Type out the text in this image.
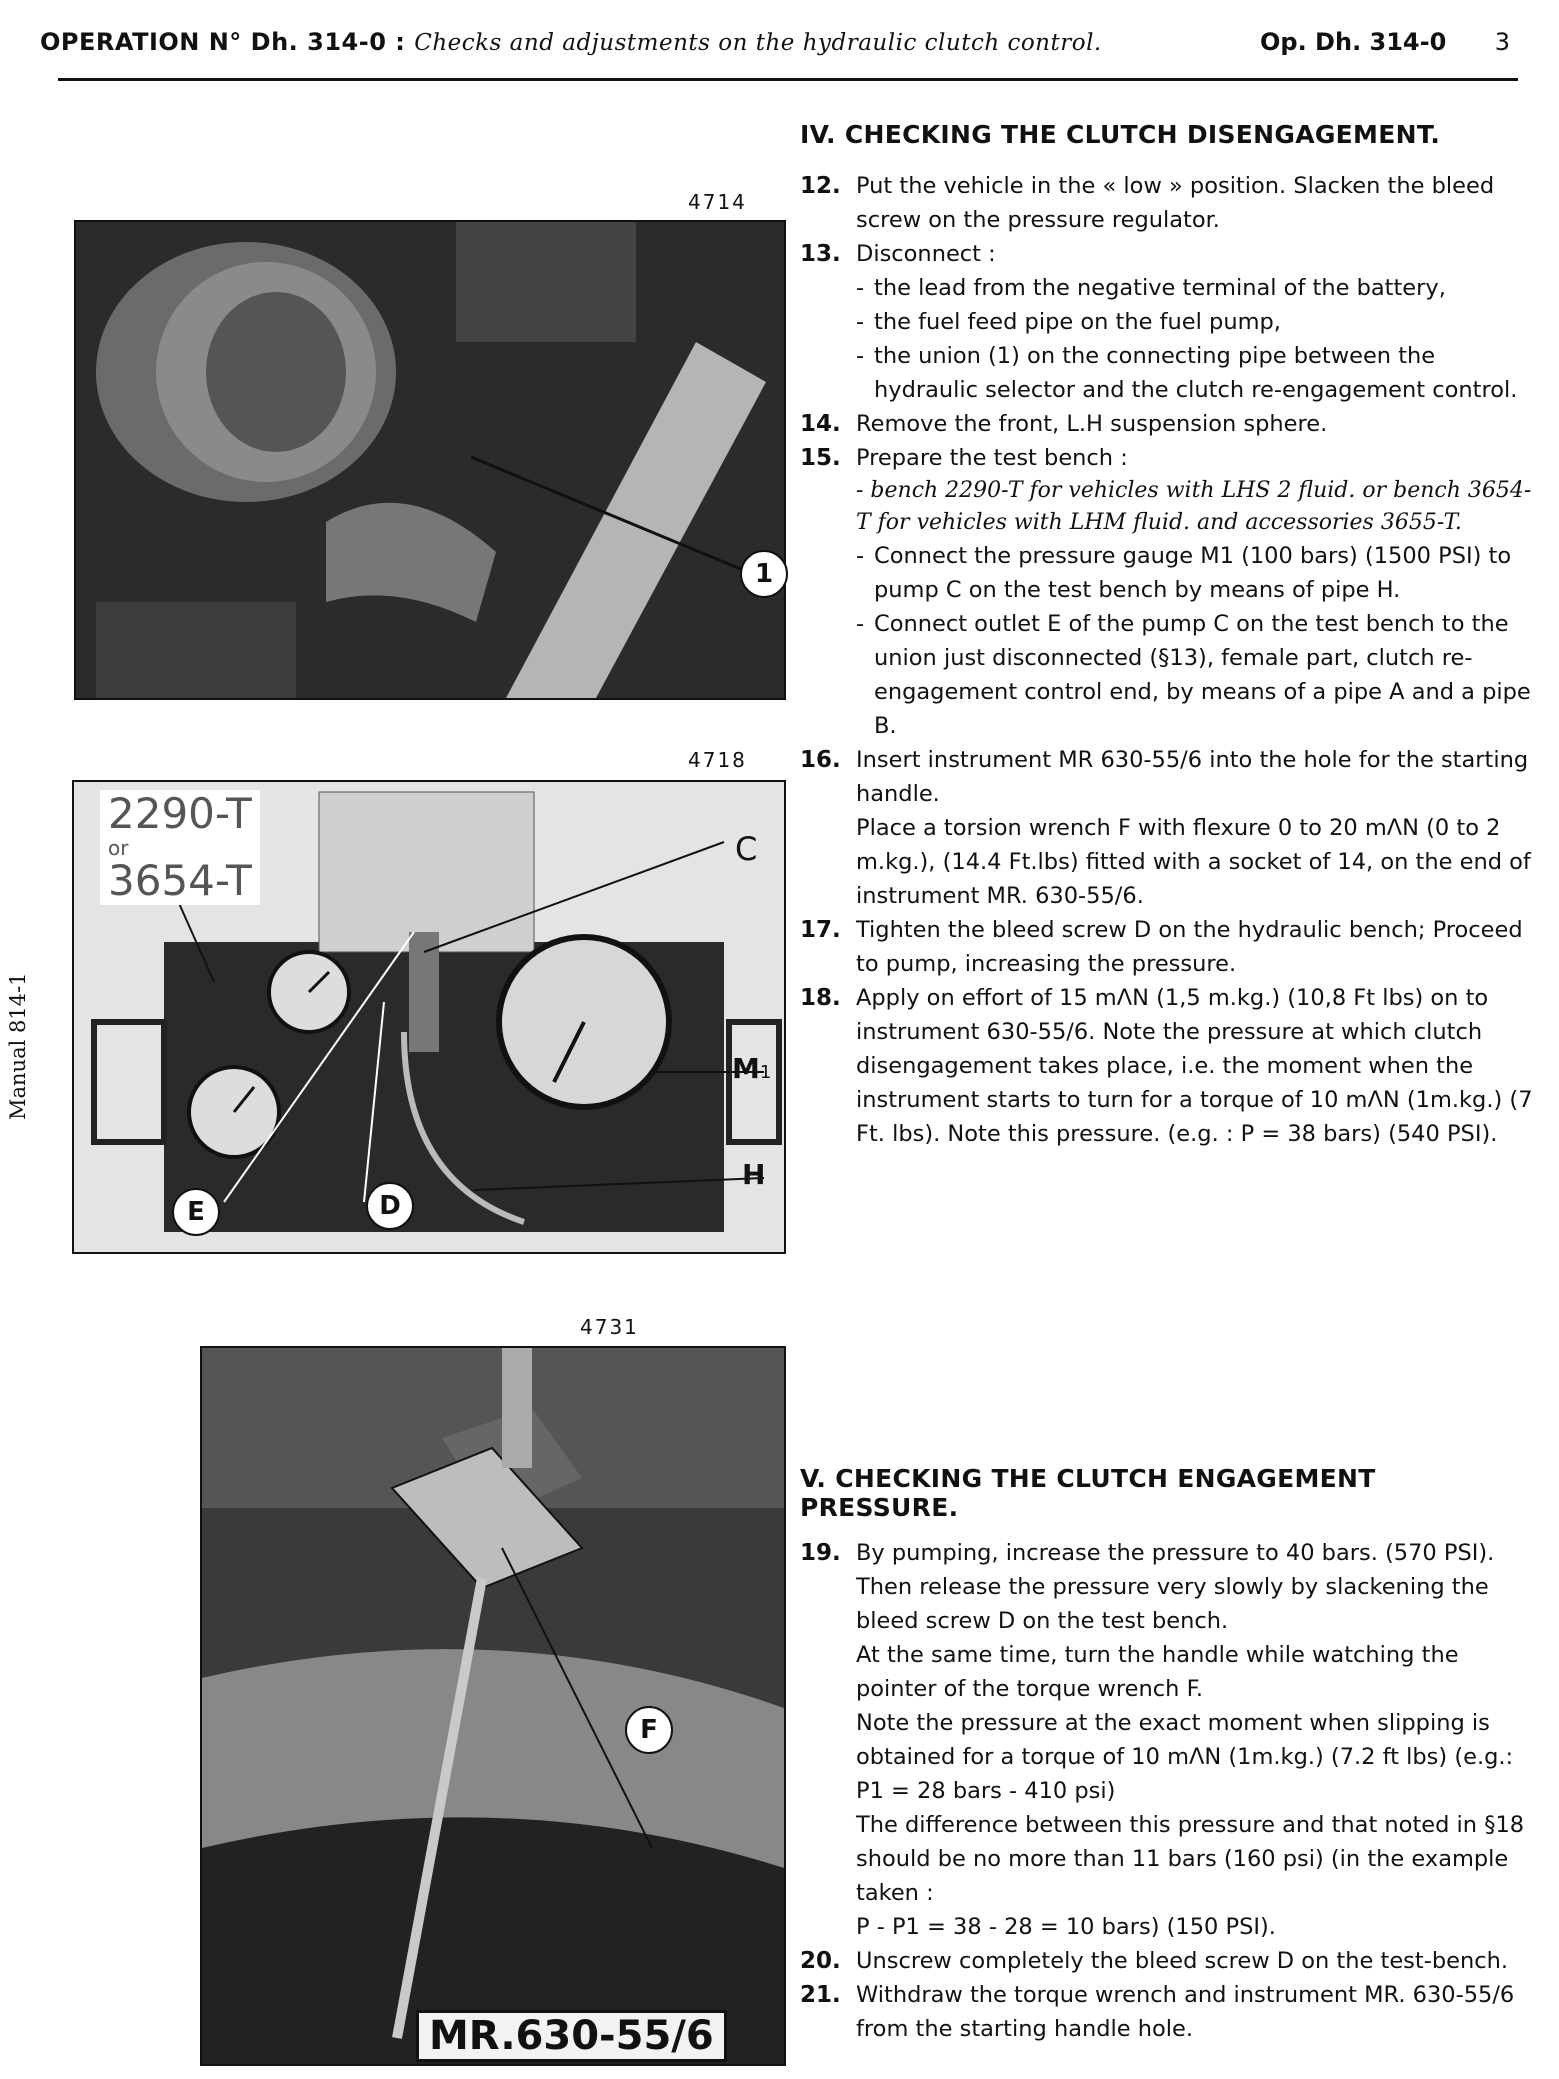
OPERATION N° Dh. 314-0 : Checks and adjustments on the hydraulic clutch control.	Op. Dh. 314-0 3
Manual 814-1
4714
1
4718
2290-T
or
3654-T
C
M1
H
E	D
4731
F
MR.630-55/6
IV. CHECKING THE CLUTCH DISENGAGEMENT.
12. Put the vehicle in the « low » position. Slacken the bleed screw on the pressure regulator.
13. Disconnect :
- the lead from the negative terminal of the battery,
- the fuel feed pipe on the fuel pump,
- the union (1) on the connecting pipe between the hydraulic selector and the clutch re-engagement control.
14. Remove the front, L.H suspension sphere.
15. Prepare the test bench :
- bench 2290-T for vehicles with LHS 2 fluid. or bench 3654-T for vehicles with LHM fluid. and accessories 3655-T.
- Connect the pressure gauge M1 (100 bars) (1500 PSI) to pump C on the test bench by means of pipe H.
- Connect outlet E of the pump C on the test bench to the union just disconnected (§13), female part, clutch re-engagement control end, by means of a pipe A and a pipe B.
16. Insert instrument MR 630-55/6 into the hole for the starting handle.
Place a torsion wrench F with flexure 0 to 20 mΛN (0 to 2 m.kg.), (14.4 Ft.lbs) fitted with a socket of 14, on the end of instrument MR. 630-55/6.
17. Tighten the bleed screw D on the hydraulic bench; Proceed to pump, increasing the pressure.
18. Apply on effort of 15 mΛN (1,5 m.kg.) (10,8 Ft lbs) on to instrument 630-55/6. Note the pressure at which clutch disengagement takes place, i.e. the moment when the instrument starts to turn for a torque of 10 mΛN (1m.kg.) (7 Ft. lbs). Note this pressure. (e.g. : P = 38 bars) (540 PSI).
V. CHECKING THE CLUTCH ENGAGEMENT PRESSURE.
19. By pumping, increase the pressure to 40 bars. (570 PSI). Then release the pressure very slowly by slackening the bleed screw D on the test bench.
At the same time, turn the handle while watching the pointer of the torque wrench F.
Note the pressure at the exact moment when slipping is obtained for a torque of 10 mΛN (1m.kg.) (7.2 ft lbs) (e.g.: P1 = 28 bars - 410 psi)
The difference between this pressure and that noted in §18 should be no more than 11 bars (160 psi) (in the example taken :
P - P1 = 38 - 28 = 10 bars) (150 PSI).
20. Unscrew completely the bleed screw D on the test-bench.
21. Withdraw the torque wrench and instrument MR. 630-55/6 from the starting handle hole.
